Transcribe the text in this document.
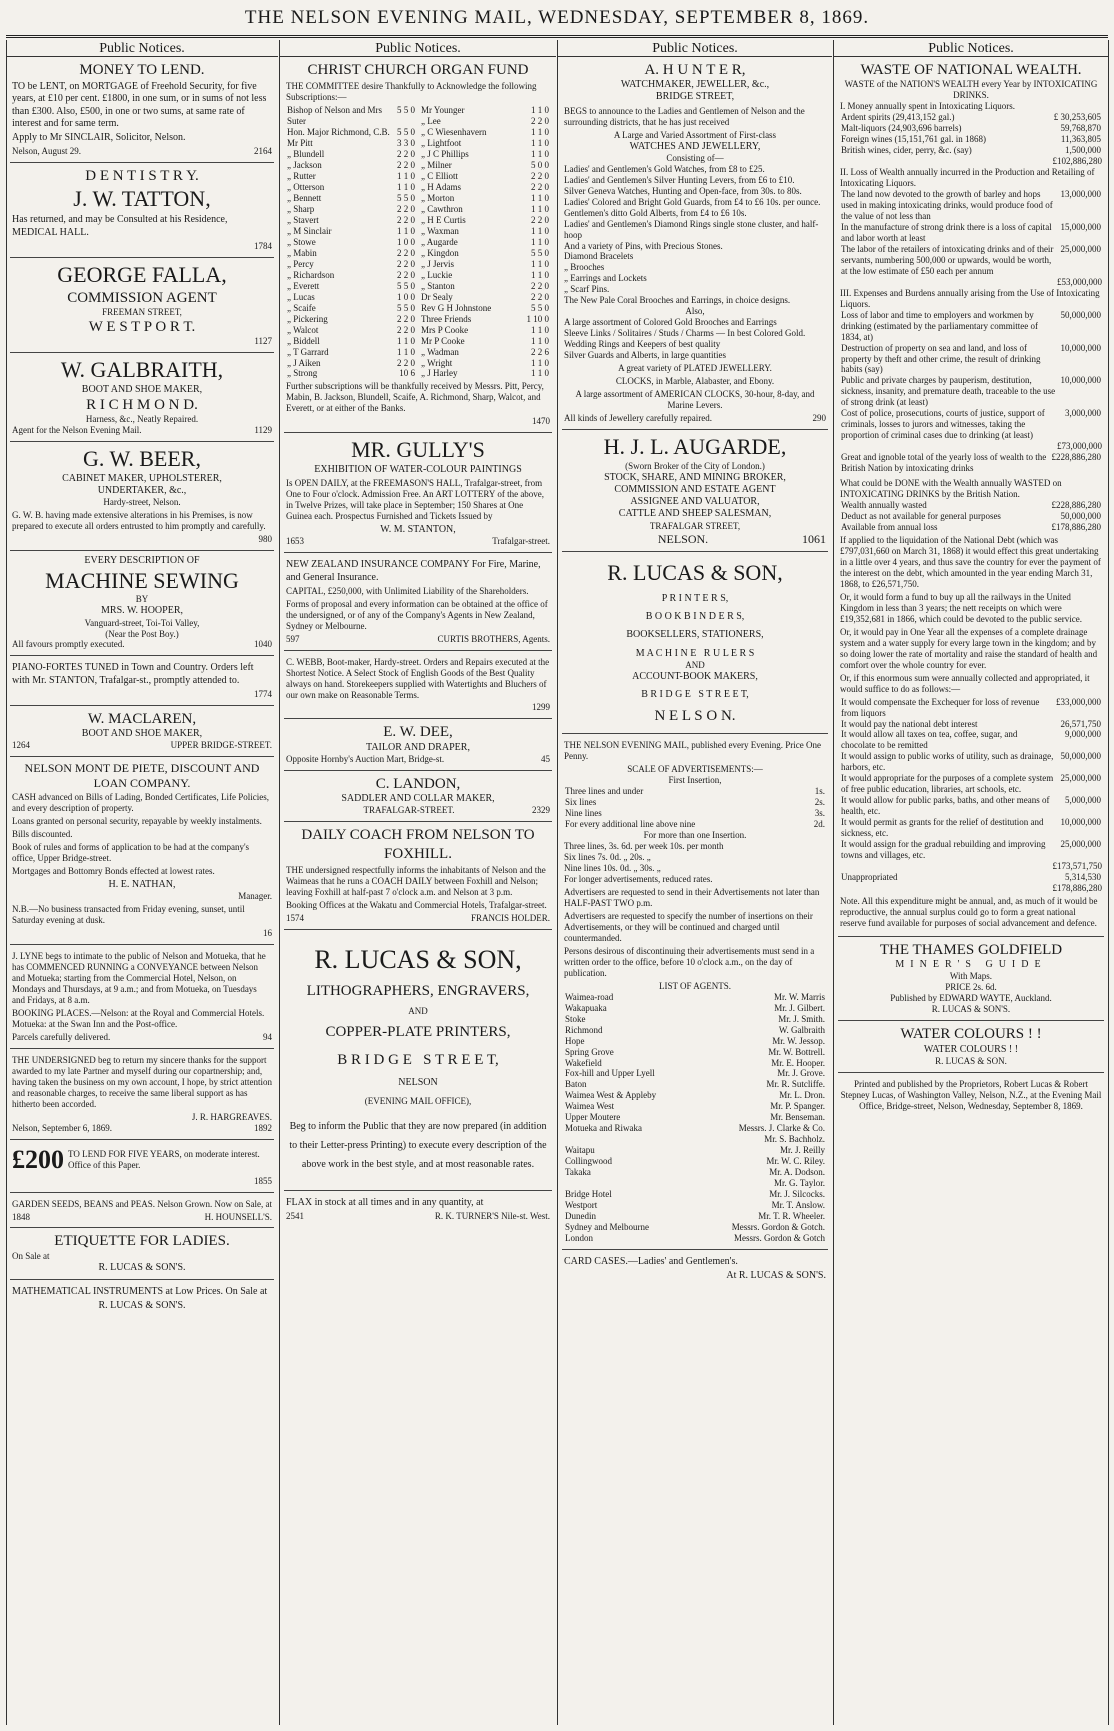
THE NELSON EVENING MAIL, WEDNESDAY, SEPTEMBER 8, 1869.
Public Notices.	Public Notices.	Public Notices.	Public Notices.
MONEY TO LEND.

TO be LENT, on MORTGAGE of Freehold Security, for five years, at £10 per cent. £1800, in one sum, or in sums of not less than £300. Also, £500, in one or two sums, at same rate of interest and for same term.

Apply to Mr SINCLAIR, Solicitor, Nelson.

Nelson, August 29.	2164
D E N T I S T R Y.
J. W. TATTON,

Has returned, and may be Consulted at his Residence, MEDICAL HALL.

1784
GEORGE FALLA,
COMMISSION AGENT
FREEMAN STREET,
W E S T P O R T.
1127
W. GALBRAITH,
BOOT AND SHOE MAKER,
R I C H M O N D.
Harness, &c., Neatly Repaired.
Agent for the Nelson Evening Mail.	1129
G. W. BEER,
CABINET MAKER, UPHOLSTERER,
UNDERTAKER, &c.,
Hardy-street, Nelson.

G. W. B. having made extensive alterations in his Premises, is now prepared to execute all orders entrusted to him promptly and carefully.

980
EVERY DESCRIPTION OF
MACHINE SEWING
BY
MRS. W. HOOPER,
Vanguard-street, Toi-Toi Valley,
(Near the Post Boy.)
All favours promptly executed.	1040

PIANO-FORTES TUNED in Town and Country. Orders left with Mr. STANTON, Trafalgar-st., promptly attended to.

1774
W. MACLAREN,
BOOT AND SHOE MAKER,
1264	UPPER BRIDGE-STREET.
NELSON MONT DE PIETE, DISCOUNT AND LOAN COMPANY.

CASH advanced on Bills of Lading, Bonded Certificates, Life Policies, and every description of property.

Loans granted on personal security, repayable by weekly instalments.

Bills discounted.

Book of rules and forms of application to be had at the company's office, Upper Bridge-street.

Mortgages and Bottomry Bonds effected at lowest rates.

H. E. NATHAN,
Manager.

N.B.—No business transacted from Friday evening, sunset, until Saturday evening at dusk.

16

J. LYNE begs to intimate to the public of Nelson and Motueka, that he has COMMENCED RUNNING a CONVEYANCE between Nelson and Motueka; starting from the Commercial Hotel, Nelson, on Mondays and Thursdays, at 9 a.m.; and from Motueka, on Tuesdays and Fridays, at 8 a.m.

BOOKING PLACES.—Nelson: at the Royal and Commercial Hotels. Motueka: at the Swan Inn and the Post-office.

Parcels carefully delivered.	94

THE UNDERSIGNED beg to return my sincere thanks for the support awarded to my late Partner and myself during our copartnership; and, having taken the business on my own account, I hope, by strict attention and reasonable charges, to receive the same liberal support as has hitherto been accorded.

J. R. HARGREAVES.
Nelson, September 6, 1869.	1892
£200 TO LEND FOR FIVE YEARS, on moderate interest. Office of this Paper.
1855

GARDEN SEEDS, BEANS and PEAS. Nelson Grown. Now on Sale, at

1848	H. HOUNSELL'S.
ETIQUETTE FOR LADIES.
On Sale at
R. LUCAS & SON'S.

MATHEMATICAL INSTRUMENTS at Low Prices. On Sale at

R. LUCAS & SON'S.
CHRIST CHURCH ORGAN FUND

THE COMMITTEE desire Thankfully to Acknowledge the following Subscriptions:—

Bishop of Nelson and Mrs Suter	5 5 0
Hon. Major Richmond, C.B.	5 5 0
Mr Pitt	3 3 0
„ Blundell	2 2 0
„ Jackson	2 2 0
„ Rutter	1 1 0
„ Otterson	1 1 0
„ Bennett	5 5 0
„ Sharp	2 2 0
„ Stavert	2 2 0
„ M Sinclair	1 1 0
„ Stowe	1 0 0
„ Mabin	2 2 0
„ Percy	2 2 0
„ Richardson	2 2 0
„ Everett	5 5 0
„ Lucas	1 0 0
„ Scaife	5 5 0
„ Pickering	2 2 0
„ Walcot	2 2 0
„ Biddell	1 1 0
„ T Garrard	1 1 0
„ J Aiken	2 2 0
„ Strong	10 6
Mr Younger	1 1 0
„ Lee	2 2 0
„ C Wiesenhavern	1 1 0
„ Lightfoot	1 1 0
„ J C Phillips	1 1 0
„ Milner	5 0 0
„ C Elliott	2 2 0
„ H Adams	2 2 0
„ Morton	1 1 0
„ Cawthron	1 1 0
„ H E Curtis	2 2 0
„ Waxman	1 1 0
„ Augarde	1 1 0
„ Kingdon	5 5 0
„ J Jervis	1 1 0
„ Luckie	1 1 0
„ Stanton	2 2 0
Dr Sealy	2 2 0
Rev G H Johnstone	5 5 0
Three Friends	1 10 0
Mrs P Cooke	1 1 0
Mr P Cooke	1 1 0
„ Wadman	2 2 6
„ Wright	1 1 0
„ J Harley	1 1 0

Further subscriptions will be thankfully received by Messrs. Pitt, Percy, Mabin, B. Jackson, Blundell, Scaife, A. Richmond, Sharp, Walcot, and Everett, or at either of the Banks.

1470
MR. GULLY'S
EXHIBITION OF WATER-COLOUR PAINTINGS

Is OPEN DAILY, at the FREEMASON'S HALL, Trafalgar-street, from One to Four o'clock. Admission Free. An ART LOTTERY of the above, in Twelve Prizes, will take place in September; 150 Shares at One Guinea each. Prospectus Furnished and Tickets Issued by

W. M. STANTON,
1653	Trafalgar-street.

NEW ZEALAND INSURANCE COMPANY For Fire, Marine, and General Insurance.

CAPITAL, £250,000, with Unlimited Liability of the Shareholders.

Forms of proposal and every information can be obtained at the office of the undersigned, or of any of the Company's Agents in New Zealand, Sydney or Melbourne.

597	CURTIS BROTHERS, Agents.

C. WEBB, Boot-maker, Hardy-street. Orders and Repairs executed at the Shortest Notice. A Select Stock of English Goods of the Best Quality always on hand. Storekeepers supplied with Watertights and Bluchers of our own make on Reasonable Terms.

1299
E. W. DEE,
TAILOR AND DRAPER,
Opposite Hornby's Auction Mart, Bridge-st.	45
C. LANDON,
SADDLER AND COLLAR MAKER,
TRAFALGAR-STREET.	2329
DAILY COACH FROM NELSON TO FOXHILL.

THE undersigned respectfully informs the inhabitants of Nelson and the Waimeas that he runs a COACH DAILY between Foxhill and Nelson; leaving Foxhill at half-past 7 o'clock a.m. and Nelson at 3 p.m.

Booking Offices at the Wakatu and Commercial Hotels, Trafalgar-street.

1574	FRANCIS HOLDER.
R. LUCAS & SON,
LITHOGRAPHERS, ENGRAVERS,
AND
COPPER-PLATE PRINTERS,
B R I D G E   S T R E E T,
NELSON
(EVENING MAIL OFFICE),

Beg to inform the Public that they are now prepared (in addition to their Letter-press Printing) to execute every description of the above work in the best style, and at most reasonable rates.

FLAX in stock at all times and in any quantity, at

2541	R. K. TURNER'S Nile-st. West.
A. H U N T E R,
WATCHMAKER, JEWELLER, &c.,
BRIDGE STREET,

BEGS to announce to the Ladies and Gentlemen of Nelson and the surrounding districts, that he has just received

A Large and Varied Assortment of First-class
WATCHES AND JEWELLERY,
Consisting of—
Ladies' and Gentlemen's Gold Watches, from £8 to £25.
Ladies' and Gentlemen's Silver Hunting Levers, from £6 to £10.
Silver Geneva Watches, Hunting and Open-face, from 30s. to 80s.
Ladies' Colored and Bright Gold Guards, from £4 to £6 10s. per ounce.
Gentlemen's ditto Gold Alberts, from £4 to £6 10s.
Ladies' and Gentlemen's Diamond Rings single stone cluster, and half-hoop
And a variety of Pins, with Precious Stones.
Diamond Bracelets
„ Brooches
„ Earrings and Lockets
„ Scarf Pins.
The New Pale Coral Brooches and Earrings, in choice designs.
Also,
A large assortment of Colored Gold Brooches and Earrings
Sleeve Links / Solitaires / Studs / Charms — In best Colored Gold.
Wedding Rings and Keepers of best quality
Silver Guards and Alberts, in large quantities

A great variety of PLATED JEWELLERY.

CLOCKS, in Marble, Alabaster, and Ebony.

A large assortment of AMERICAN CLOCKS, 30-hour, 8-day, and Marine Levers.

All kinds of Jewellery carefully repaired.	290
H. J. L. AUGARDE,
(Sworn Broker of the City of London.)
STOCK, SHARE, AND MINING BROKER,
COMMISSION AND ESTATE AGENT
ASSIGNEE AND VALUATOR,
CATTLE AND SHEEP SALESMAN,
TRAFALGAR STREET,
NELSON.	1061
R. LUCAS & SON,
P R I N T E R S,
B O O K B I N D E R S,
BOOKSELLERS, STATIONERS,
M A C H I N E   R U L E R S
AND
ACCOUNT-BOOK MAKERS,
B R I D G E   S T R E E T,
N E L S O N.

THE NELSON EVENING MAIL, published every Evening. Price One Penny.

SCALE OF ADVERTISEMENTS:—
First Insertion,
Three lines and under	1s.
Six lines	2s.
Nine lines	3s.
For every additional line above nine	2d.
For more than one Insertion.
Three lines, 3s. 6d. per week 10s. per month
Six lines 7s. 0d. „ 20s. „
Nine lines 10s. 0d. „ 30s. „
For longer advertisements, reduced rates.

Advertisers are requested to send in their Advertisements not later than HALF-PAST TWO p.m.

Advertisers are requested to specify the number of insertions on their Advertisements, or they will be continued and charged until countermanded.

Persons desirous of discontinuing their advertisements must send in a written order to the office, before 10 o'clock a.m., on the day of publication.

LIST OF AGENTS.
Waimea-road	Mr. W. Marris
Wakapuaka	Mr. J. Gilbert.
Stoke	Mr. J. Smith.
Richmond	W. Galbraith
Hope	Mr. W. Jessop.
Spring Grove	Mr. W. Bottrell.
Wakefield	Mr. E. Hooper.
Fox-hill and Upper Lyell	Mr. J. Grove.
Baton	Mr. R. Sutcliffe.
Waimea West & Appleby	Mr. L. Dron.
Waimea West	Mr. P. Spanger.
Upper Moutere	Mr. Benseman.
Motueka and Riwaka	Messrs. J. Clarke & Co.
	Mr. S. Bachholz.
Waitapu	Mr. J. Reilly
Collingwood	Mr. W. C. Riley.
Takaka	Mr. A. Dodson.
	Mr. G. Taylor.
Bridge Hotel	Mr. J. Silcocks.
Westport	Mr. T. Anslow.
Dunedin	Mr. T. R. Wheeler.
Sydney and Melbourne	Messrs. Gordon & Gotch.
London	Messrs. Gordon & Gotch

CARD CASES.—Ladies' and Gentlemen's.

At R. LUCAS & SON'S.
WASTE OF NATIONAL WEALTH.
WASTE of the NATION'S WEALTH every Year by INTOXICATING DRINKS.
I. Money annually spent in Intoxicating Liquors.
Ardent spirits (29,413,152 gal.)	£ 30,253,605
Malt-liquors (24,903,696 barrels)	59,768,870
Foreign wines (15,151,761 gal. in 1868)	11,363,805
British wines, cider, perry, &c. (say)	1,500,000
£102,886,280
II. Loss of Wealth annually incurred in the Production and Retailing of Intoxicating Liquors.
The land now devoted to the growth of barley and hops used in making intoxicating drinks, would produce food of the value of not less than	13,000,000
In the manufacture of strong drink there is a loss of capital and labor worth at least	15,000,000
The labor of the retailers of intoxicating drinks and of their servants, numbering 500,000 or upwards, would be worth, at the low estimate of £50 each per annum	25,000,000
£53,000,000
III. Expenses and Burdens annually arising from the Use of Intoxicating Liquors.
Loss of labor and time to employers and workmen by drinking (estimated by the parliamentary committee of 1834, at)	50,000,000
Destruction of property on sea and land, and loss of property by theft and other crime, the result of drinking habits (say)	10,000,000
Public and private charges by pauperism, destitution, sickness, insanity, and premature death, traceable to the use of strong drink (at least)	10,000,000
Cost of police, prosecutions, courts of justice, support of criminals, losses to jurors and witnesses, taking the proportion of criminal cases due to drinking (at least)	3,000,000
£73,000,000
Great and ignoble total of the yearly loss of wealth to the British Nation by intoxicating drinks	£228,886,280
What could be DONE with the Wealth annually WASTED on INTOXICATING DRINKS by the British Nation.
Wealth annually wasted	£228,886,280
Deduct as not available for general purposes	50,000,000
Available from annual loss	£178,886,280

If applied to the liquidation of the National Debt (which was £797,031,660 on March 31, 1868) it would effect this great undertaking in a little over 4 years, and thus save the country for ever the payment of the interest on the debt, which amounted in the year ending March 31, 1868, to £26,571,750.

Or, it would form a fund to buy up all the railways in the United Kingdom in less than 3 years; the nett receipts on which were £19,352,681 in 1866, which could be devoted to the public service.

Or, it would pay in One Year all the expenses of a complete drainage system and a water supply for every large town in the kingdom; and by so doing lower the rate of mortality and raise the standard of health and comfort over the whole country for ever.

Or, if this enormous sum were annually collected and appropriated, it would suffice to do as follows:—

It would compensate the Exchequer for loss of revenue from liquors	£33,000,000
It would pay the national debt interest	26,571,750
It would allow all taxes on tea, coffee, sugar, and chocolate to be remitted	9,000,000
It would assign to public works of utility, such as drainage, harbors, etc.	50,000,000
It would appropriate for the purposes of a complete system of free public education, libraries, art schools, etc.	25,000,000
It would allow for public parks, baths, and other means of health, etc.	5,000,000
It would permit as grants for the relief of destitution and sickness, etc.	10,000,000
It would assign for the gradual rebuilding and improving towns and villages, etc.	25,000,000
£173,571,750
Unappropriated	5,314,530
£178,886,280

Note. All this expenditure might be annual, and, as much of it would be reproductive, the annual surplus could go to form a great national reserve fund available for purposes of social advancement and defence.

THE THAMES GOLDFIELD
MINER'S GUIDE
With Maps.
PRICE 2s. 6d.
Published by EDWARD WAYTE, Auckland.
R. LUCAS & SON'S.
WATER COLOURS ! !
WATER COLOURS ! !
R. LUCAS & SON.

Printed and published by the Proprietors, Robert Lucas & Robert Stepney Lucas, of Washington Valley, Nelson, N.Z., at the Evening Mail Office, Bridge-street, Nelson, Wednesday, September 8, 1869.
